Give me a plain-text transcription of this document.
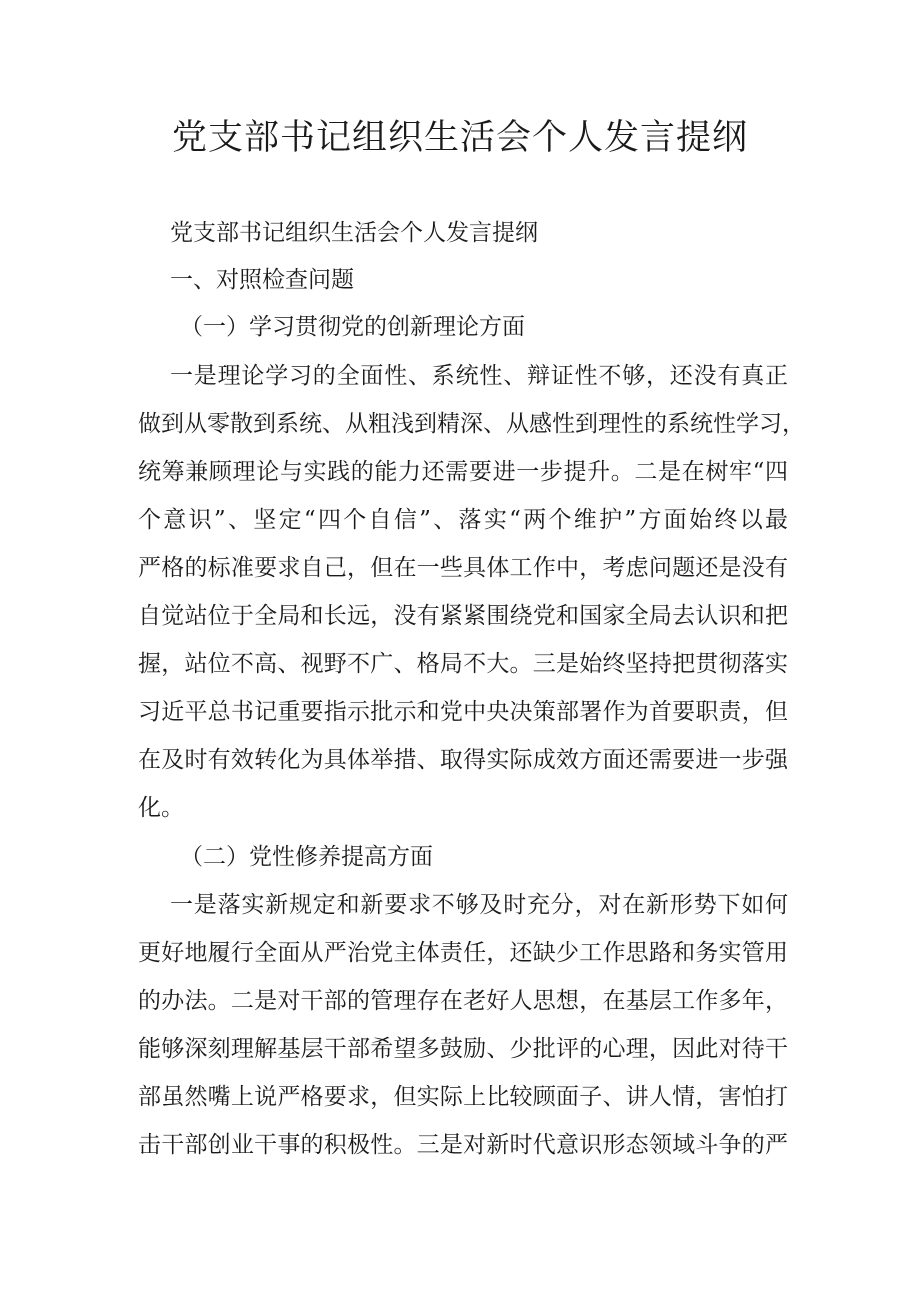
党支部书记组织生活会个人发言提纲

党支部书记组织生活会个人发言提纲

一、对照检查问题

（一）学习贯彻党的创新理论方面

一是理论学习的全面性、系统性、辩证性不够，还没有真正

做到从零散到系统、从粗浅到精深、从感性到理性的系统性学习，

统筹兼顾理论与实践的能力还需要进一步提升。二是在树牢“四

个意识”、坚定“四个自信”、落实“两个维护”方面始终以最

严格的标准要求自己，但在一些具体工作中，考虑问题还是没有

自觉站位于全局和长远，没有紧紧围绕党和国家全局去认识和把

握，站位不高、视野不广、格局不大。三是始终坚持把贯彻落实

习近平总书记重要指示批示和党中央决策部署作为首要职责，但

在及时有效转化为具体举措、取得实际成效方面还需要进一步强

化。

（二）党性修养提高方面

一是落实新规定和新要求不够及时充分，对在新形势下如何

更好地履行全面从严治党主体责任，还缺少工作思路和务实管用

的办法。二是对干部的管理存在老好人思想，在基层工作多年，

能够深刻理解基层干部希望多鼓励、少批评的心理，因此对待干

部虽然嘴上说严格要求，但实际上比较顾面子、讲人情，害怕打

击干部创业干事的积极性。三是对新时代意识形态领域斗争的严
